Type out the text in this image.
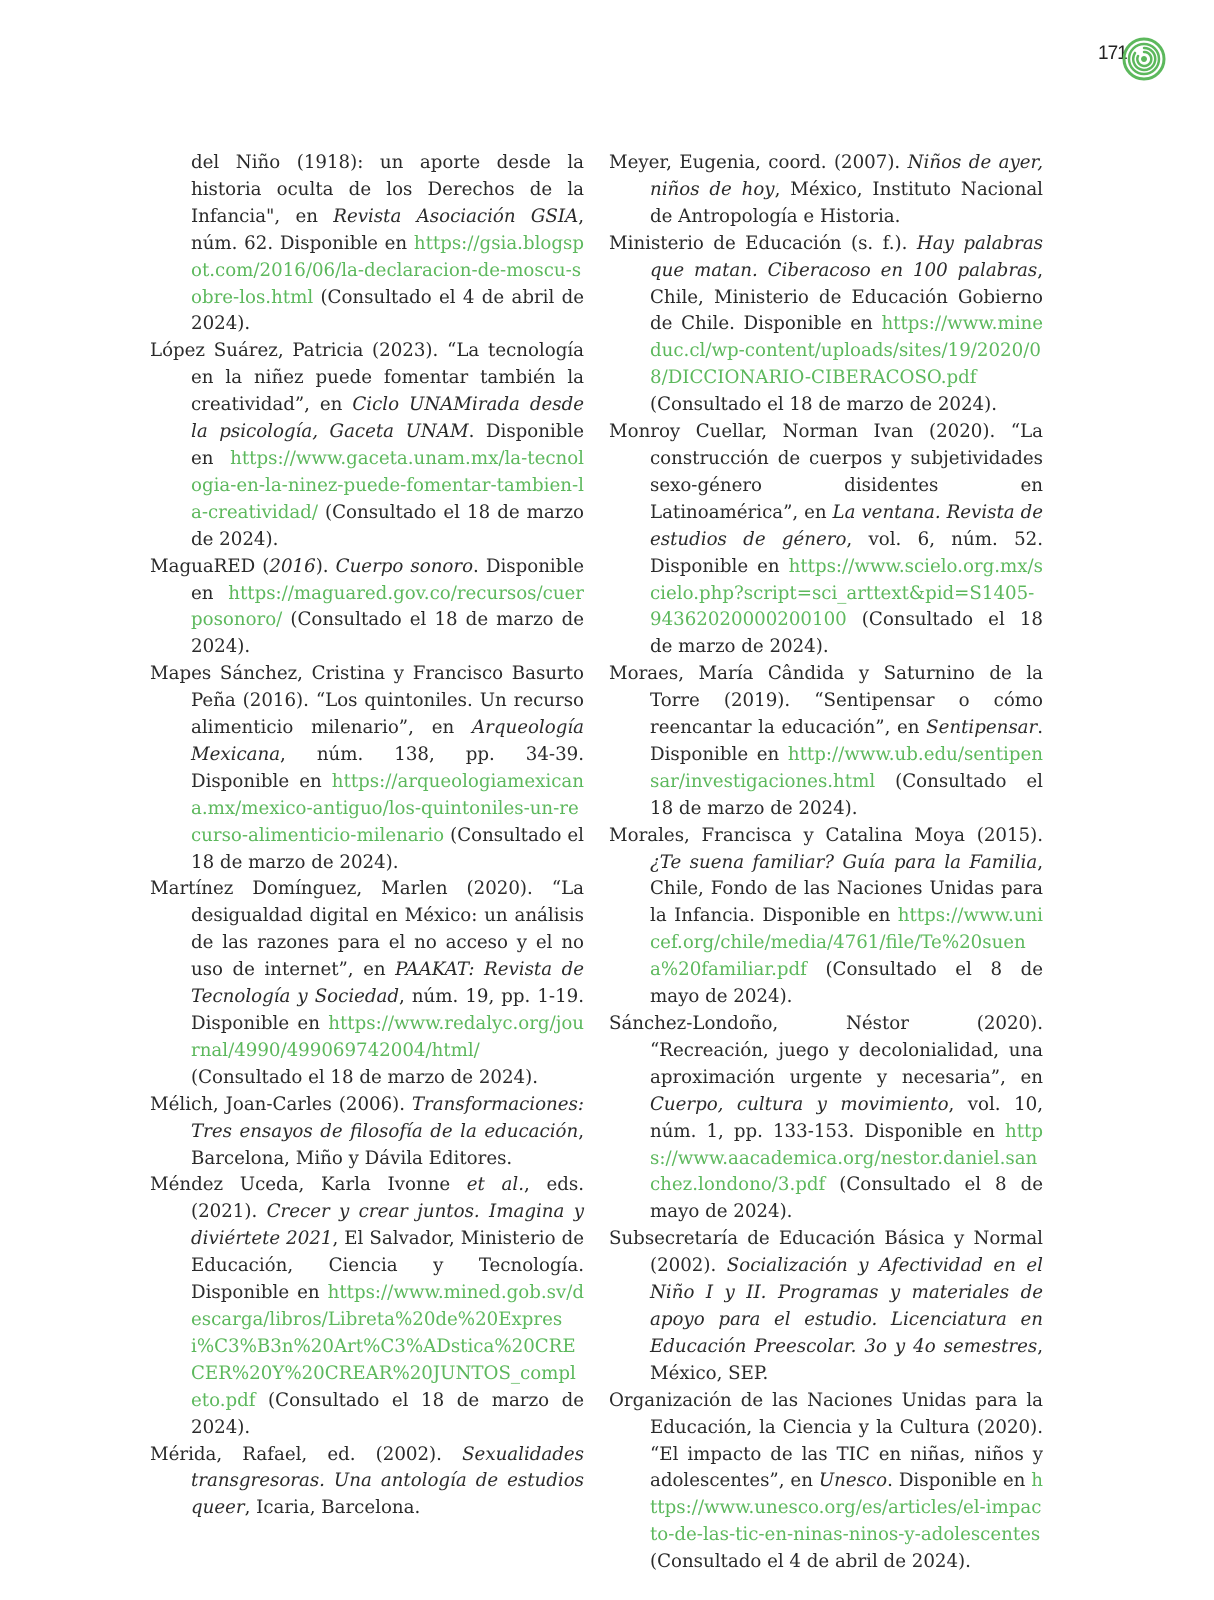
171

del Niño (1918): un aporte desde la historia oculta de los Derechos de la Infancia", en Revista Asociación GSIA, núm. 62. Disponible en https://gsia.blogspot.com/2016/06/la-declaracion-de-moscu-sobre-los.html (Consultado el 4 de abril de 2024).

López Suárez, Patricia (2023). “La tecnología en la niñez puede fomentar también la creatividad”, en Ciclo UNAMirada desde la psicología, Gaceta UNAM. Disponible en https://www.gaceta.unam.mx/la-tecnologia-en-la-ninez-puede-fomentar-tambien-la-creatividad/ (Consultado el 18 de marzo de 2024).

MaguaRED (2016). Cuerpo sonoro. Disponible en https://maguared.gov.co/recursos/cuerposonoro/ (Consultado el 18 de marzo de 2024).

Mapes Sánchez, Cristina y Francisco Basurto Peña (2016). “Los quintoniles. Un recurso alimenticio milenario”, en Arqueología Mexicana, núm. 138, pp. 34-39. Disponible en https://arqueologiamexicana.mx/mexico-antiguo/los-quintoniles-un-recurso-alimenticio-milenario (Consultado el 18 de marzo de 2024).

Martínez Domínguez, Marlen (2020). “La desigualdad digital en México: un análisis de las razones para el no acceso y el no uso de internet”, en PAAKAT: Revista de Tecnología y Sociedad, núm. 19, pp. 1-19. Disponible en https://www.redalyc.org/journal/4990/499069742004/html/ (Consultado el 18 de marzo de 2024).

Mélich, Joan-Carles (2006). Transformaciones: Tres ensayos de filosofía de la educación, Barcelona, Miño y Dávila Editores.

Méndez Uceda, Karla Ivonne et al., eds. (2021). Crecer y crear juntos. Imagina y diviértete 2021, El Salvador, Ministerio de Educación, Ciencia y Tecnología. Disponible en https://www.mined.gob.sv/descarga/libros/Libreta%20de%20Expresi%C3%B3n%20Art%C3%ADstica%20CRECER%20Y%20CREAR%20JUNTOS_completo.pdf (Consultado el 18 de marzo de 2024).

Mérida, Rafael, ed. (2002). Sexualidades transgresoras. Una antología de estudios queer, Icaria, Barcelona.

Meyer, Eugenia, coord. (2007). Niños de ayer, niños de hoy, México, Instituto Nacional de Antropología e Historia.

Ministerio de Educación (s. f.). Hay palabras que matan. Ciberacoso en 100 palabras, Chile, Ministerio de Educación Gobierno de Chile. Disponible en https://www.mineduc.cl/wp-content/uploads/sites/19/2020/08/DICCIONARIO-CIBERACOSO.pdf (Consultado el 18 de marzo de 2024).

Monroy Cuellar, Norman Ivan (2020). “La construcción de cuerpos y subjetividades sexo-género disidentes en Latinoamérica”, en La ventana. Revista de estudios de género, vol. 6, núm. 52. Disponible en https://www.scielo.org.mx/scielo.php?script=sci_arttext&pid=S1405-94362020000200100 (Consultado el 18 de marzo de 2024).

Moraes, María Cândida y Saturnino de la Torre (2019). “Sentipensar o cómo reencantar la educación”, en Sentipensar. Disponible en http://www.ub.edu/sentipensar/investigaciones.html (Consultado el 18 de marzo de 2024).

Morales, Francisca y Catalina Moya (2015). ¿Te suena familiar? Guía para la Familia, Chile, Fondo de las Naciones Unidas para la Infancia. Disponible en https://www.unicef.org/chile/media/4761/file/Te%20suena%20familiar.pdf (Consultado el 8 de mayo de 2024).

Sánchez-Londoño, Néstor (2020). “Recreación, juego y decolonialidad, una aproximación urgente y necesaria”, en Cuerpo, cultura y movimiento, vol. 10, núm. 1, pp. 133-153. Disponible en https://www.aacademica.org/nestor.daniel.sanchez.londono/3.pdf (Consultado el 8 de mayo de 2024).

Subsecretaría de Educación Básica y Normal (2002). Socialización y Afectividad en el Niño I y II. Programas y materiales de apoyo para el estudio. Licenciatura en Educación Preescolar. 3o y 4o semestres, México, SEP.

Organización de las Naciones Unidas para la Educación, la Ciencia y la Cultura (2020). “El impacto de las TIC en niñas, niños y adolescentes”, en Unesco. Disponible en https://www.unesco.org/es/articles/el-impacto-de-las-tic-en-ninas-ninos-y-adolescentes (Consultado el 4 de abril de 2024).
